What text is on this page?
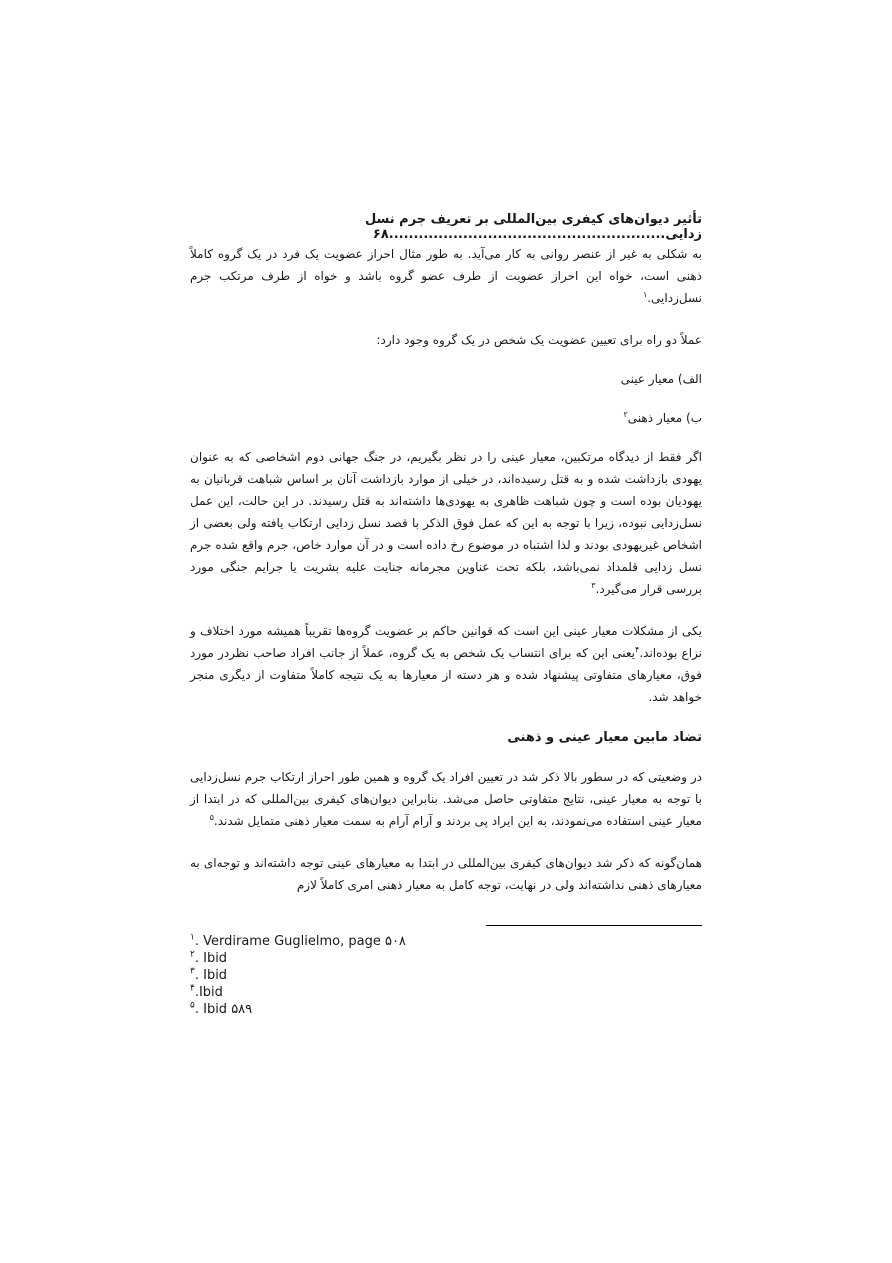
تأثیر دیوان‌های کیفری بین‌المللی بر تعریف جرم نسل
زدایی........................................................۶۸

به شکلی به غیر از عنصر روانی به کار می‌آید. به طور مثال احراز عضویت یک فرد در یک گروه کاملاً ذهنی است، خواه این احراز عضویت از طرف عضو گروه باشد و خواه از طرف مرتکب جرم نسل‌زدایی.$^۱$

عملاً دو راه برای تعیین عضویت یک شخص در یک گروه وجود دارد:

الف) معیار عینی

ب) معیار ذهنی$^۲$

اگر فقط از دیدگاه مرتکبین، معیار عینی را در نظر بگیریم، در جنگ جهانی دوم اشخاصی که به عنوان یهودی بازداشت شده و به قتل رسیده‌اند، در خیلی از موارد بازداشت آنان بر اساس شباهت قربانیان به یهودیان بوده است و چون شباهت ظاهری به یهودی‌ها داشته‌اند به قتل رسیدند. در این حالت، این عمل نسل‌زدایی نبوده، زیرا با توجه به این که عمل فوق الذکر با قصد نسل زدایی ارتکاب یافته ولی بعضی از اشخاص غیریهودی بودند و لذا اشتباه در موضوع رخ داده است و در آن موارد خاص، جرم واقع شده جرم نسل زدایی قلمداد نمی‌باشد، بلکه تحت عناوین مجرمانه جنایت علیه بشریت یا جرایم جنگی مورد بررسی قرار می‌گیرد.$^۳$

یکی از مشکلات معیار عینی این است که قوانین حاکم بر عضویت گروه‌ها تقریباً همیشه مورد اختلاف و نزاع بوده‌اند.$^۴$یعنی این که برای انتساب یک شخص به یک گروه، عملاً از جانب افراد صاحب نظردر مورد فوق، معیارهای متفاوتی پیشنهاد شده و هر دسته از معیارها به یک نتیجه کاملاً متفاوت از دیگری منجر خواهد شد.

تضاد مابین معیار عینی و ذهنی

در وضعیتی که در سطور بالا ذکر شد در تعیین افراد یک گروه و همین طور احراز ارتکاب جرم نسل‌زدایی با توجه به معیار عینی، نتایج متفاوتی حاصل می‌شد. بنابراین دیوان‌های کیفری بین‌المللی که در ابتدا از معیار عینی استفاده می‌نمودند، به این ایراد پی بردند و آرام آرام به سمت معیار ذهنی متمایل شدند.$^۵$

همان‌گونه که ذکر شد دیوان‌های کیفری بین‌المللی در ابتدا به معیارهای عینی توجه داشته‌اند و توجه‌ای به معیارهای ذهنی نداشته‌اند ولی در نهایت، توجه کامل به معیار ذهنی امری کاملاً لازم

$^۱$. Verdirame Guglielmo, page ۵۰۸
$^۲$. Ibid
$^۳$. Ibid
$^۴$.Ibid
$^۵$. Ibid ۵۸۹
